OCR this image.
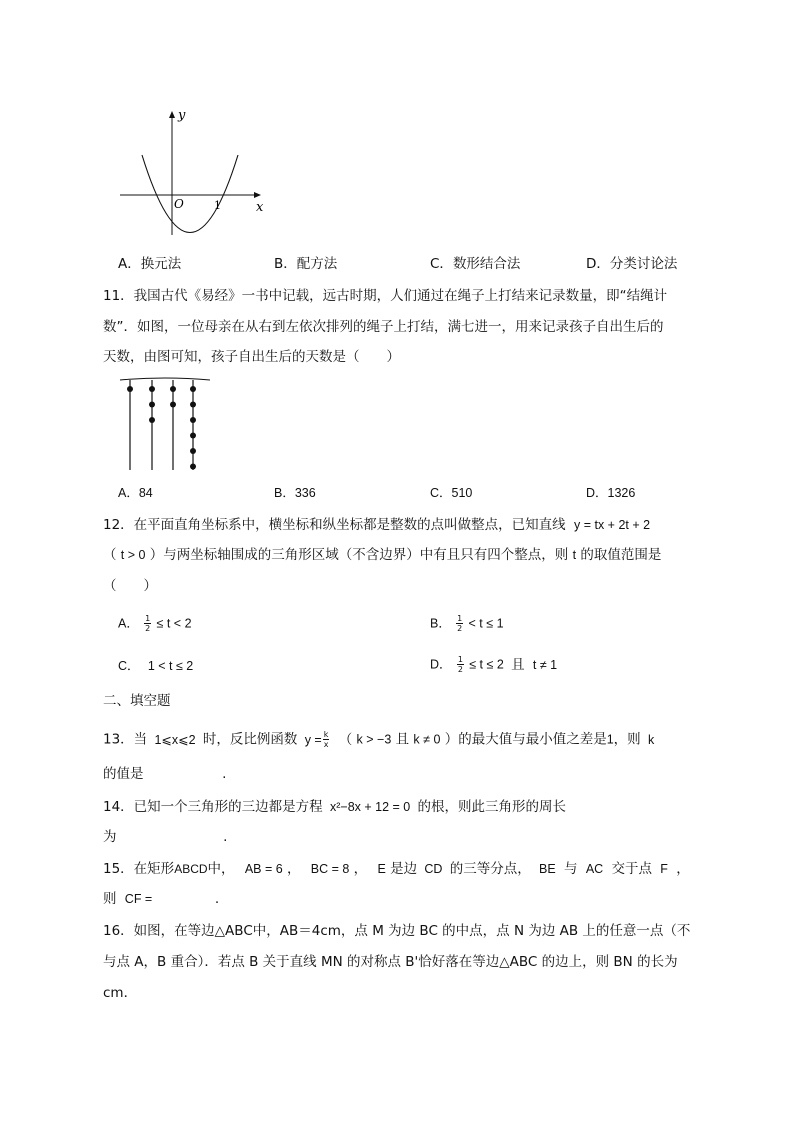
y
x
O	1
A．换元法	B．配方法	C．数形结合法	D．分类讨论法
11．我国古代《易经》一书中记载，远古时期，人们通过在绳子上打结来记录数量，即“结绳计
数”．如图，一位母亲在从右到左依次排列的绳子上打结，满七进一，用来记录孩子自出生后的
天数，由图可知，孩子自出生后的天数是（　　）
A．84	B．336	C．510	D．1326
12．在平面直角坐标系中，横坐标和纵坐标都是整数的点叫做整点，已知直线 y = tx + 2t + 2
（ t > 0 ）与两坐标轴围成的三角形区域（不含边界）中有且只有四个整点，则 t 的取值范围是
（　　）
A． $\frac{1}{2} \le t < 2$	B． $\frac{1}{2} < t \le 1$
C． 1 < t ≤ 2	D． $\frac{1}{2} \le t \le 2$ 且 t ≠ 1
二、填空题
13．当 1⩽x⩽2 时，反比例函数 $y = \frac{k}{x}$ （ k > −3 且 k ≠ 0 ）的最大值与最小值之差是1，则 k
的值是	.
14．已知一个三角形的三边都是方程 x²−8x + 12 = 0 的根，则此三角形的周长
为	.
15．在矩形ABCD中， AB = 6 ， BC = 8 ， E 是边 CD 的三等分点， BE 与 AC 交于点 F ，
则 CF =	.
16．如图，在等边△ABC中，AB＝4cm，点 M 为边 BC 的中点，点 N 为边 AB 上的任意一点（不
与点 A，B 重合）．若点 B 关于直线 MN 的对称点 B'恰好落在等边△ABC 的边上，则 BN 的长为
cm．
